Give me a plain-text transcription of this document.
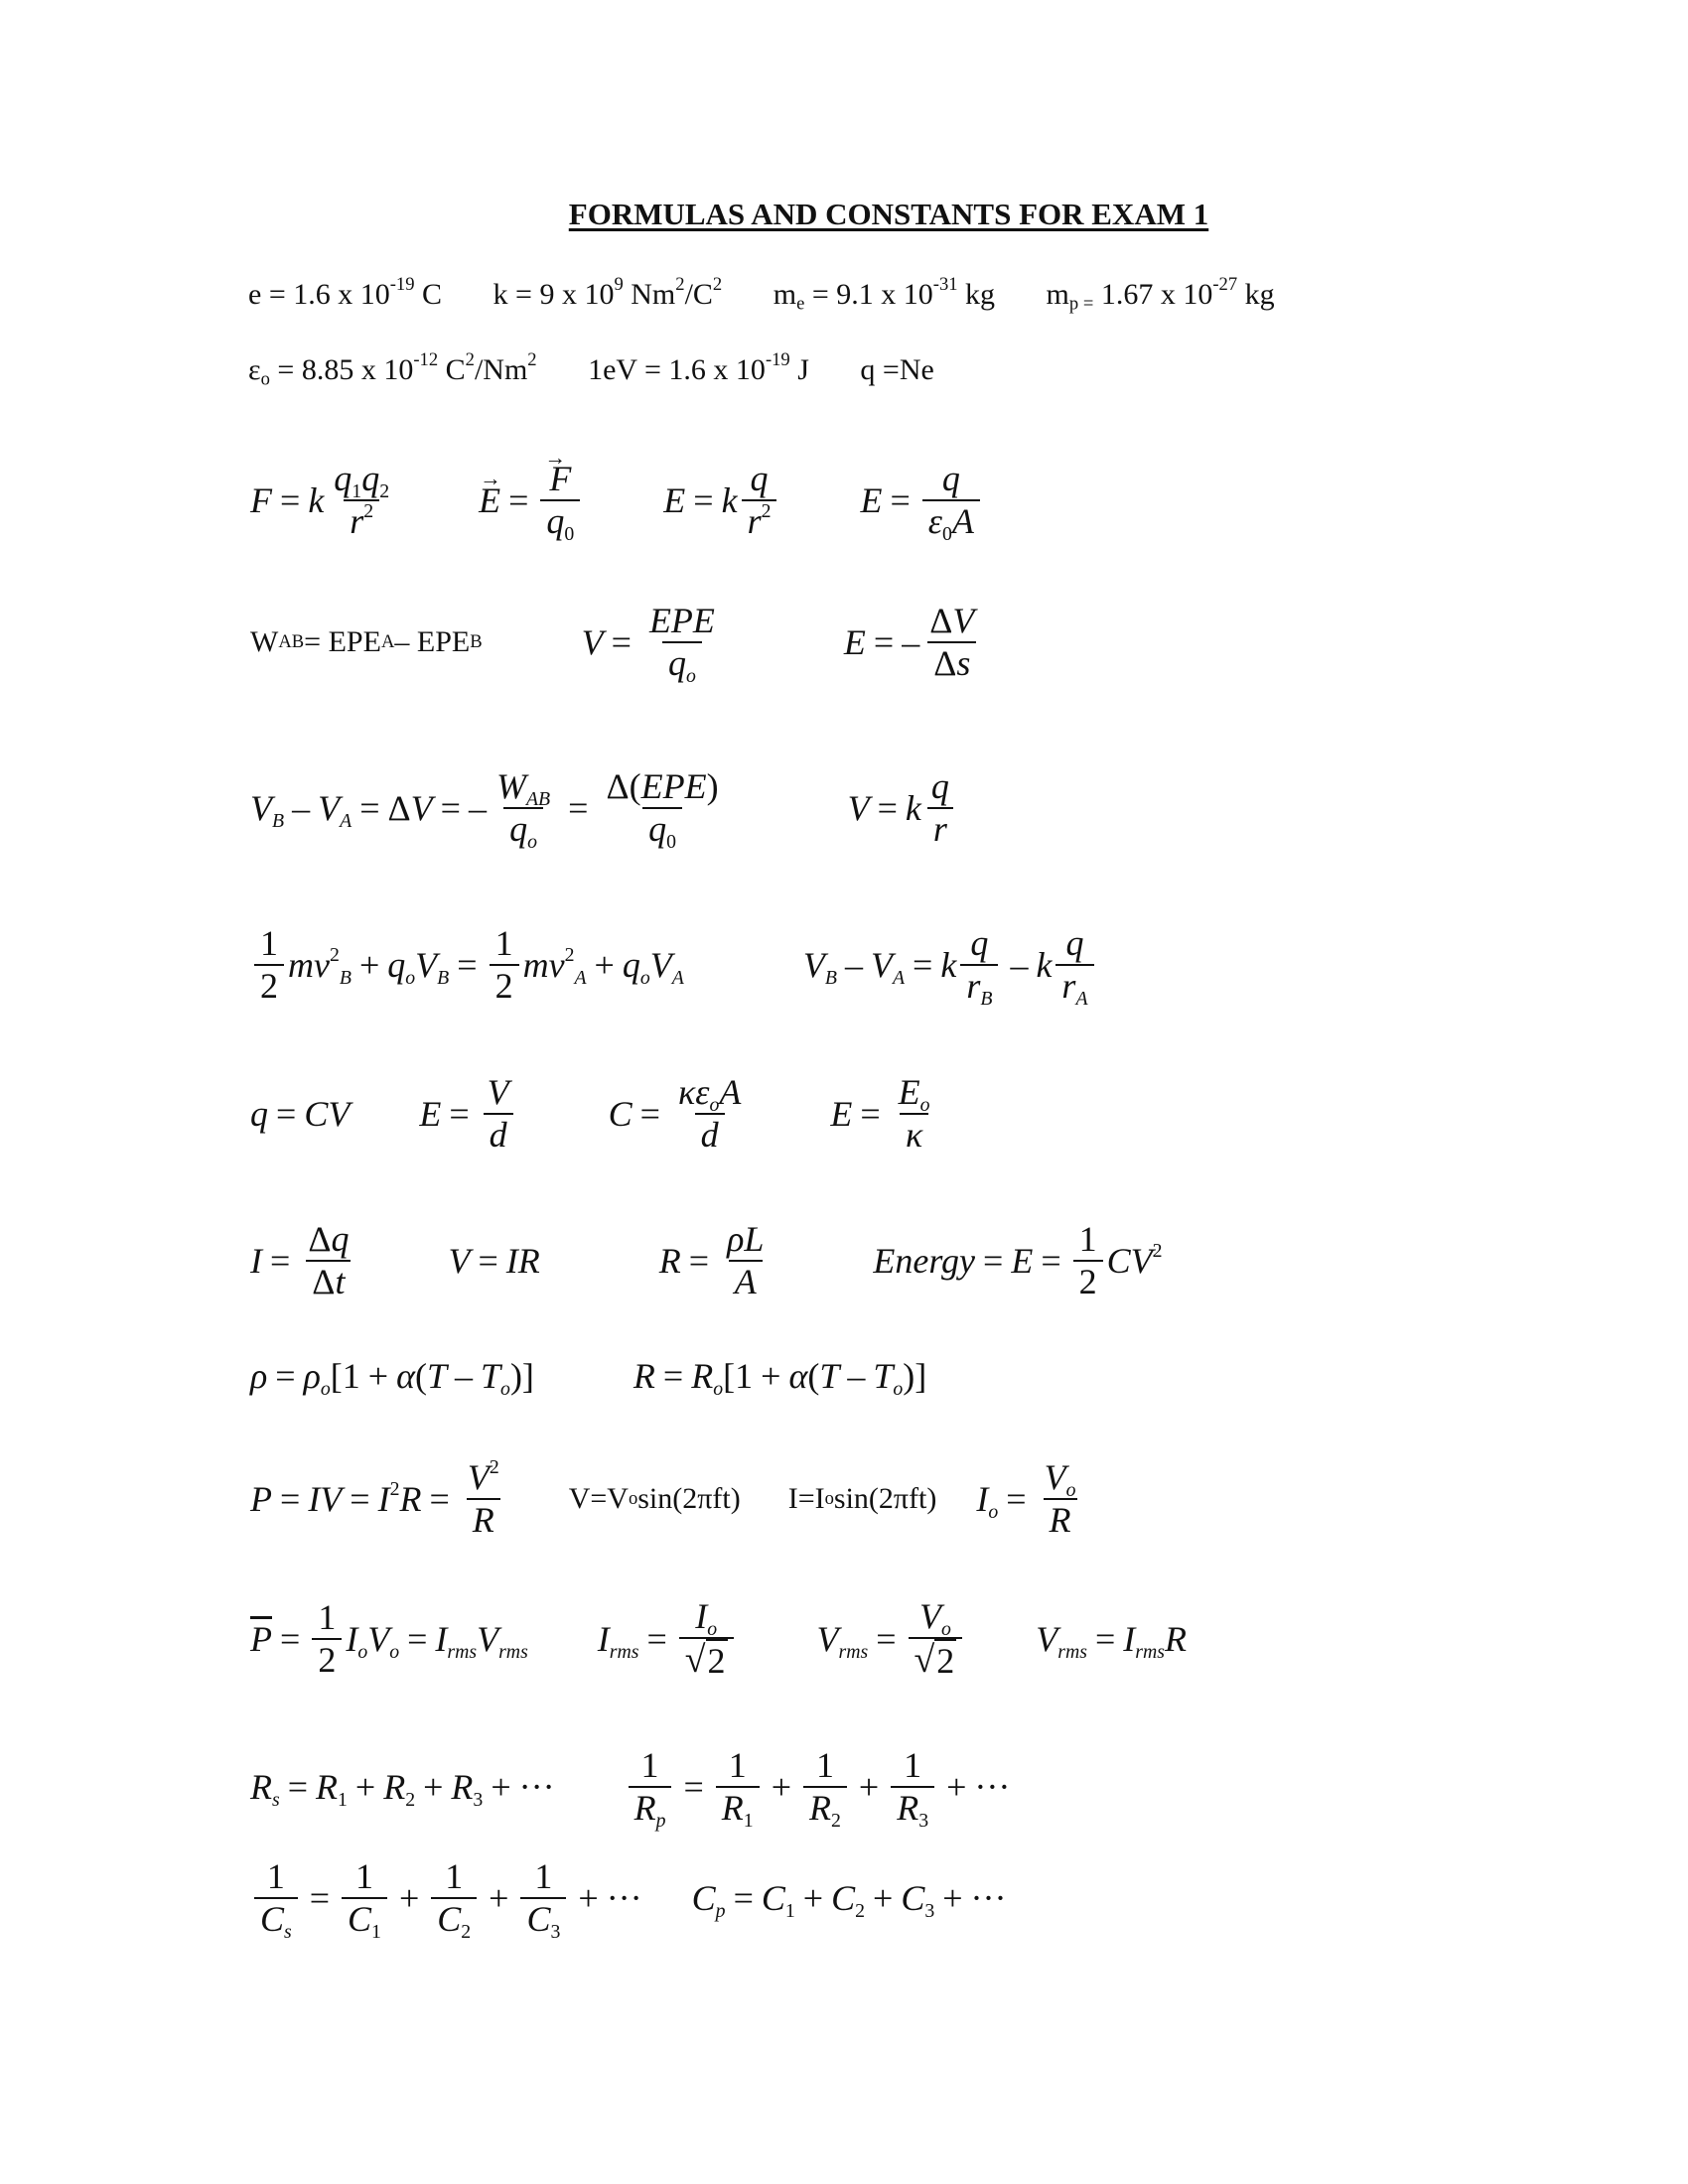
FORMULAS AND CONSTANTS FOR EXAM 1
e = 1.6 x $10^{-19}$ C k = 9 x $10^9$ $Nm^2/C^2$ $m_e = 9.1$ x $10^{-31}$ kg $m_{p =}$ 1.67 x $10^{-27}$ kg
$\varepsilon_o = 8.85$ x $10^{-12}$ $C^2/Nm^2$ 1eV = 1.6 x $10^{-19}$ J q =Ne
F = k $\frac{q1q2}{r^2} \to E$ = → $\frac{F}{q0}$ E = k $\frac{q}{r^2}$ $E = \frac{q}{\varepsilon 0A}$
W AB = EPE A – EPE B	$V = \frac{\text{EPE}}{qo}$	E = – $\frac{\Delta V}{\Delta s}$
VB – VA = Δ V = – $\frac{\text{WAB}}{qo} = \frac{\text{Δ(EPE)}}{q0}$	V = k $\frac{q}{r}$
$\frac{1}{2} mv^2B$ + qoVB = $\frac{1}{2} mv^2A$ + qoVA	VB – VA = k $\frac{q}{rB}$ – k $\frac{q}{rA}$
q = CV $E = \frac{V}{d}$	$C = \frac{\text{κεoA}}{d}$ $E = \frac{Eo}{\kappa}$
$I = \frac{\Delta q}{\Delta t}$	V = IR	$R = \frac{\rho L}{A}$	Energy = $E = \frac{1}{2} CV^2$
ρ = ρo [1 + α ( T – To )]	R = Ro [1 + α ( T – To )]
P = IV = $I^2R = \frac{V^2}{R} V=V$ o sin(2πft) I=I o sin(2πft) $Io = \frac{Vo}{R}$
$\overline{P} = \frac{1}{2}$ IoVo = IrmsVrms Irms = $\frac{Io}{√ 2}$ Vrms = $\frac{Vo}{√ 2}$ Vrms = IrmsR
Rs = R1 + R2 + R3 + ··· $\frac{1}{Rp} = \frac{1}{R1} + \frac{1}{R2} + \frac{1}{R3}$ + ···
$\frac{1}{Cs} = \frac{1}{C1} + \frac{1}{C2} + \frac{1}{C3}$ + ··· Cp = C1 + C2 + C3 + ···
